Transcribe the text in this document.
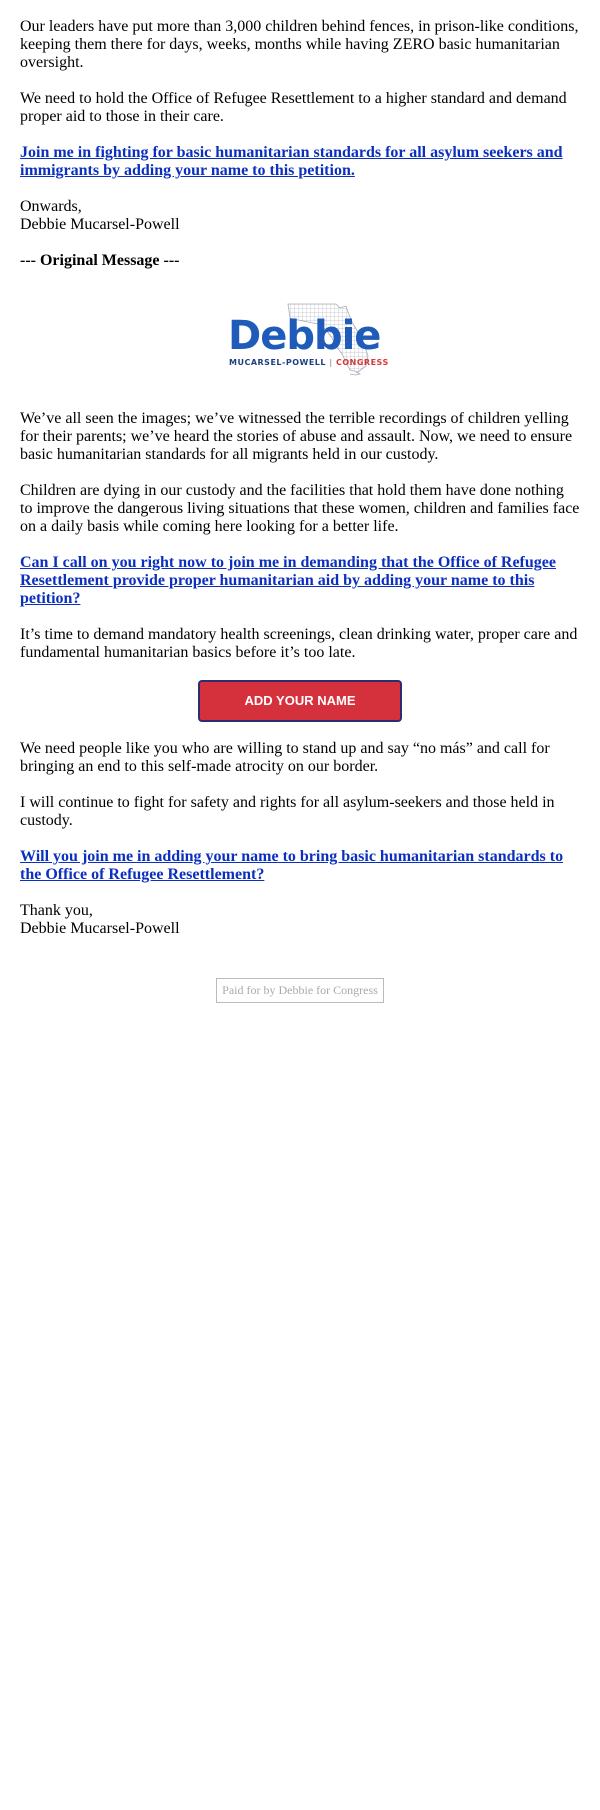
Our leaders have put more than 3,000 children behind fences, in prison-like conditions, keeping them there for days, weeks, months while having ZERO basic humanitarian oversight.

We need to hold the Office of Refugee Resettlement to a higher standard and demand proper aid to those in their care.

Join me in fighting for basic humanitarian standards for all asylum seekers and immigrants by adding your name to this petition.

Onwards,
Debbie Mucarsel-Powell

--- Original Message ---

Debbie
MUCARSEL-POWELL | CONGRESS

We’ve all seen the images; we’ve witnessed the terrible recordings of children yelling for their parents; we’ve heard the stories of abuse and assault. Now, we need to ensure basic humanitarian standards for all migrants held in our custody.

Children are dying in our custody and the facilities that hold them have done nothing to improve the dangerous living situations that these women, children and families face on a daily basis while coming here looking for a better life.

Can I call on you right now to join me in demanding that the Office of Refugee Resettlement provide proper humanitarian aid by adding your name to this petition?

It’s time to demand mandatory health screenings, clean drinking water, proper care and fundamental humanitarian basics before it’s too late.

ADD YOUR NAME

We need people like you who are willing to stand up and say “no más” and call for bringing an end to this self-made atrocity on our border.

I will continue to fight for safety and rights for all asylum-seekers and those held in custody.

Will you join me in adding your name to bring basic humanitarian standards to the Office of Refugee Resettlement?

Thank you,
Debbie Mucarsel-Powell

Paid for by Debbie for Congress
